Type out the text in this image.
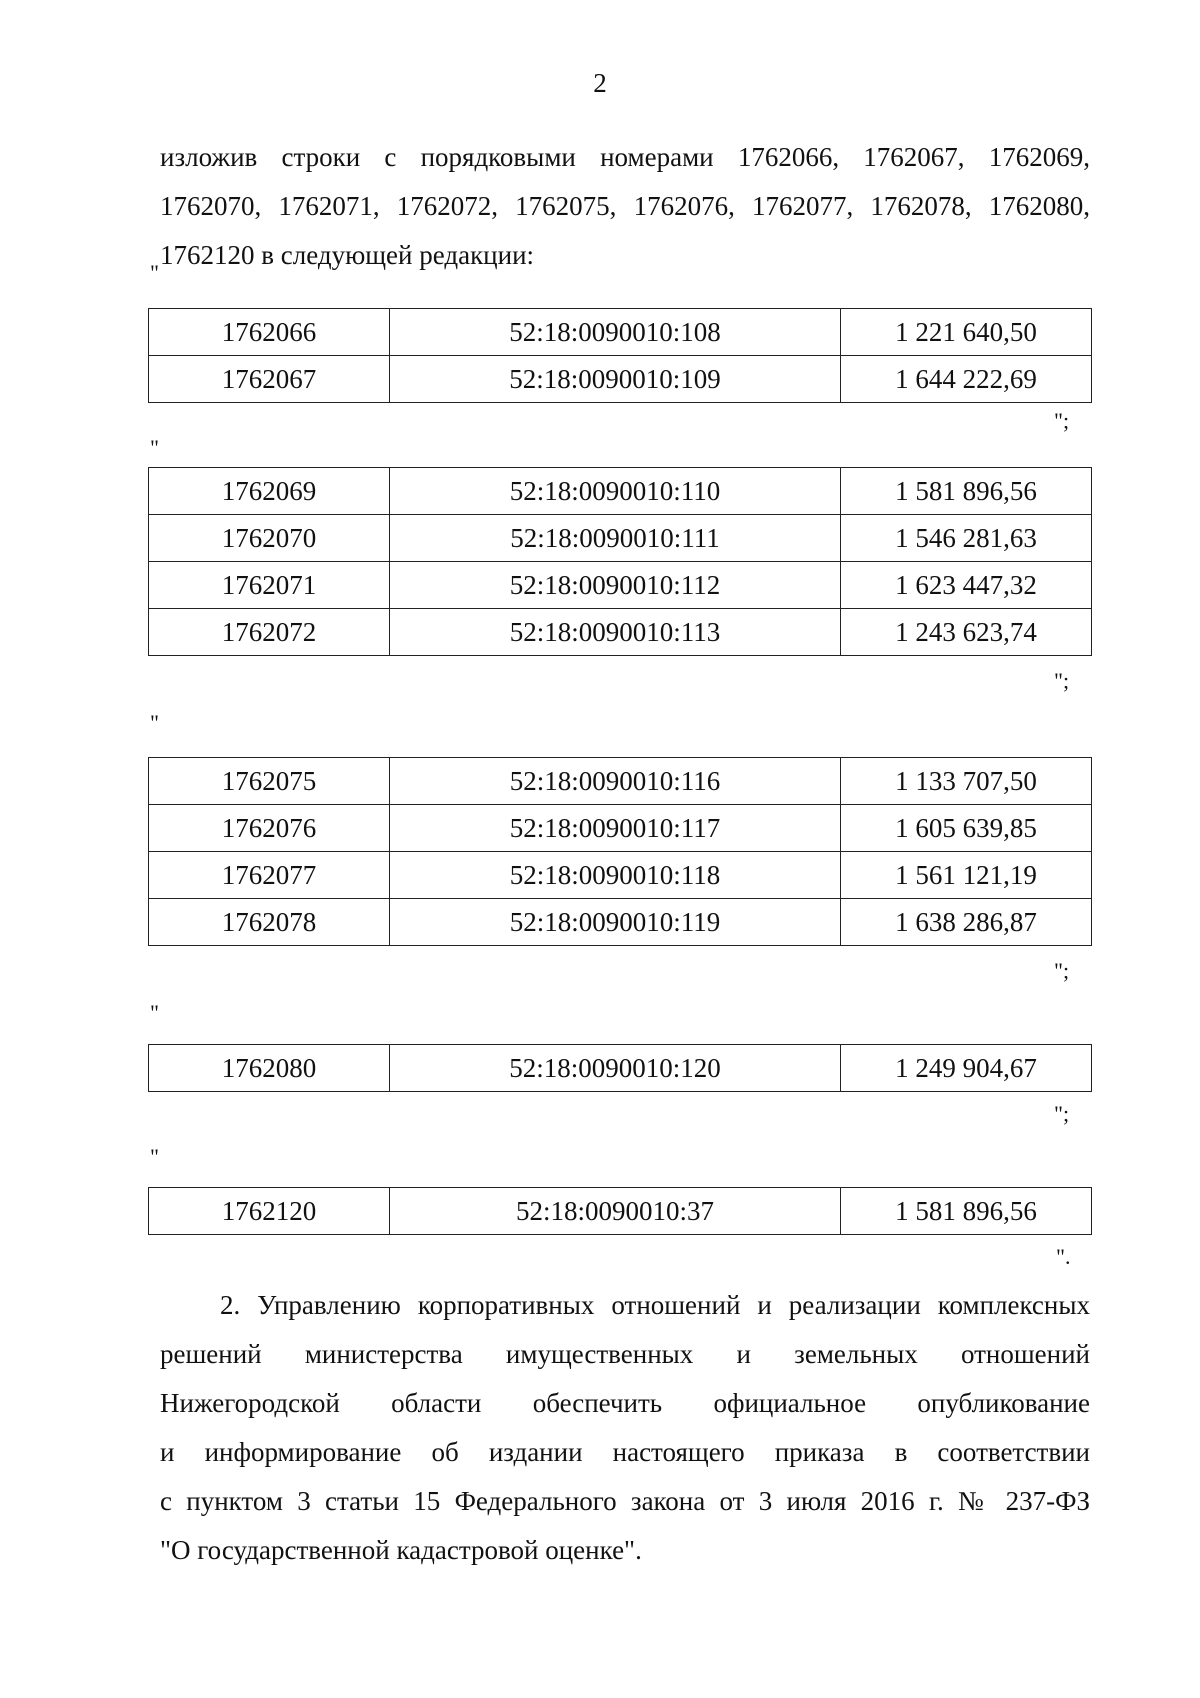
2
изложив строки с порядковыми номерами 1762066, 1762067, 1762069,
1762070, 1762071, 1762072, 1762075, 1762076, 1762077, 1762078, 1762080,
1762120 в следующей редакции:
"
1762066	52:18:0090010:108	1 221 640,50
1762067	52:18:0090010:109	1 644 222,69
";
"
1762069	52:18:0090010:110	1 581 896,56
1762070	52:18:0090010:111	1 546 281,63
1762071	52:18:0090010:112	1 623 447,32
1762072	52:18:0090010:113	1 243 623,74
";
"
1762075	52:18:0090010:116	1 133 707,50
1762076	52:18:0090010:117	1 605 639,85
1762077	52:18:0090010:118	1 561 121,19
1762078	52:18:0090010:119	1 638 286,87
";
"
1762080	52:18:0090010:120	1 249 904,67
";
"
1762120	52:18:0090010:37	1 581 896,56
".
2. Управлению корпоративных отношений и реализации комплексных
решений министерства имущественных и земельных отношений
Нижегородской области обеспечить официальное опубликование
и информирование об издании настоящего приказа в соответствии
с пунктом 3 статьи 15 Федерального закона от 3 июля 2016 г. № 237-ФЗ
"О государственной кадастровой оценке".
